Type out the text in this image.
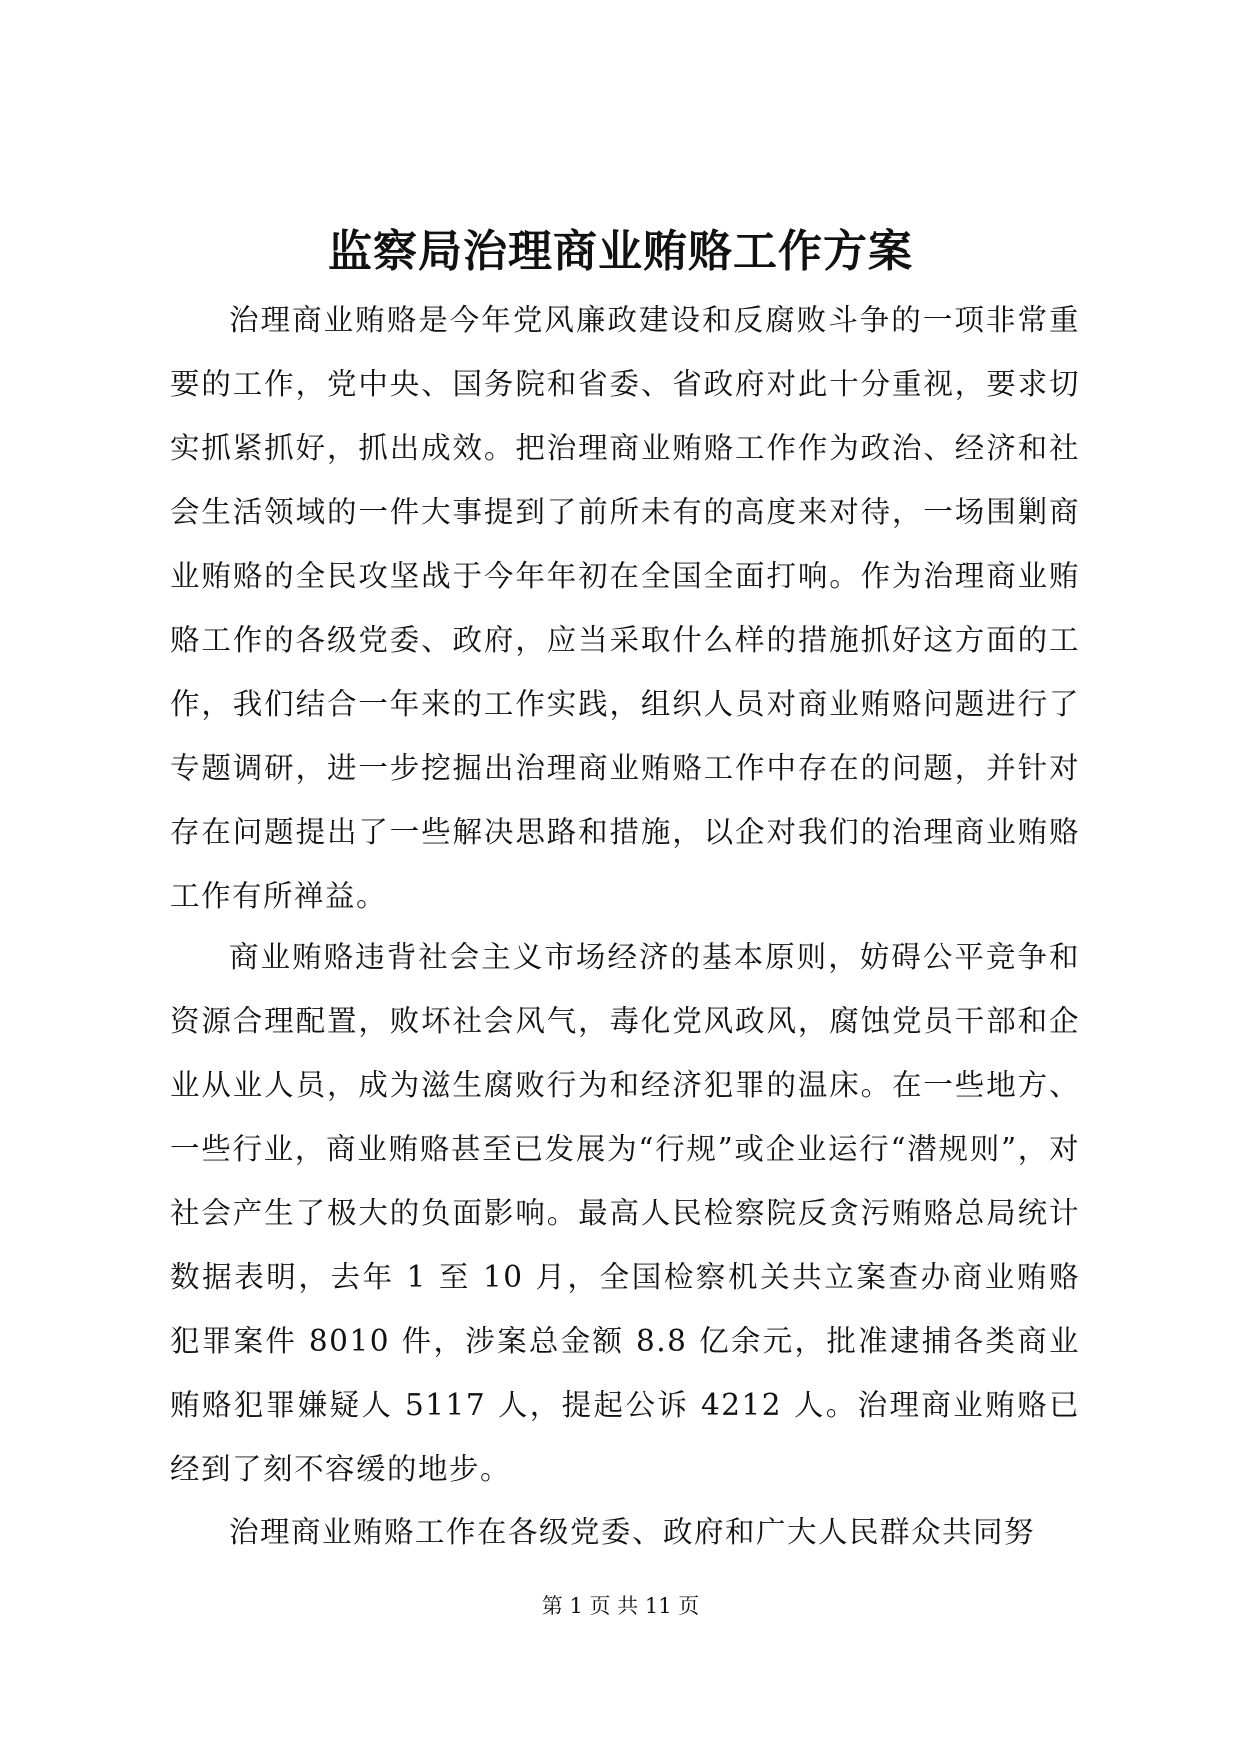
监察局治理商业贿赂工作方案

治理商业贿赂是今年党风廉政建设和反腐败斗争的一项非常重要的工作，党中央、国务院和省委、省政府对此十分重视，要求切实抓紧抓好，抓出成效。把治理商业贿赂工作作为政治、经济和社会生活领域的一件大事提到了前所未有的高度来对待，一场围剿商业贿赂的全民攻坚战于今年年初在全国全面打响。作为治理商业贿赂工作的各级党委、政府，应当采取什么样的措施抓好这方面的工作，我们结合一年来的工作实践，组织人员对商业贿赂问题进行了专题调研，进一步挖掘出治理商业贿赂工作中存在的问题，并针对存在问题提出了一些解决思路和措施，以企对我们的治理商业贿赂工作有所禅益。

商业贿赂违背社会主义市场经济的基本原则，妨碍公平竞争和资源合理配置，败坏社会风气，毒化党风政风，腐蚀党员干部和企业从业人员，成为滋生腐败行为和经济犯罪的温床。在一些地方、一些行业，商业贿赂甚至已发展为“行规”或企业运行“潜规则”，对社会产生了极大的负面影响。最高人民检察院反贪污贿赂总局统计数据表明，去年 1 至 10 月，全国检察机关共立案查办商业贿赂犯罪案件 8010 件，涉案总金额 8.8 亿余元，批准逮捕各类商业贿赂犯罪嫌疑人 5117 人，提起公诉 4212 人。治理商业贿赂已经到了刻不容缓的地步。

治理商业贿赂工作在各级党委、政府和广大人民群众共同努

第 1 页 共 11 页
